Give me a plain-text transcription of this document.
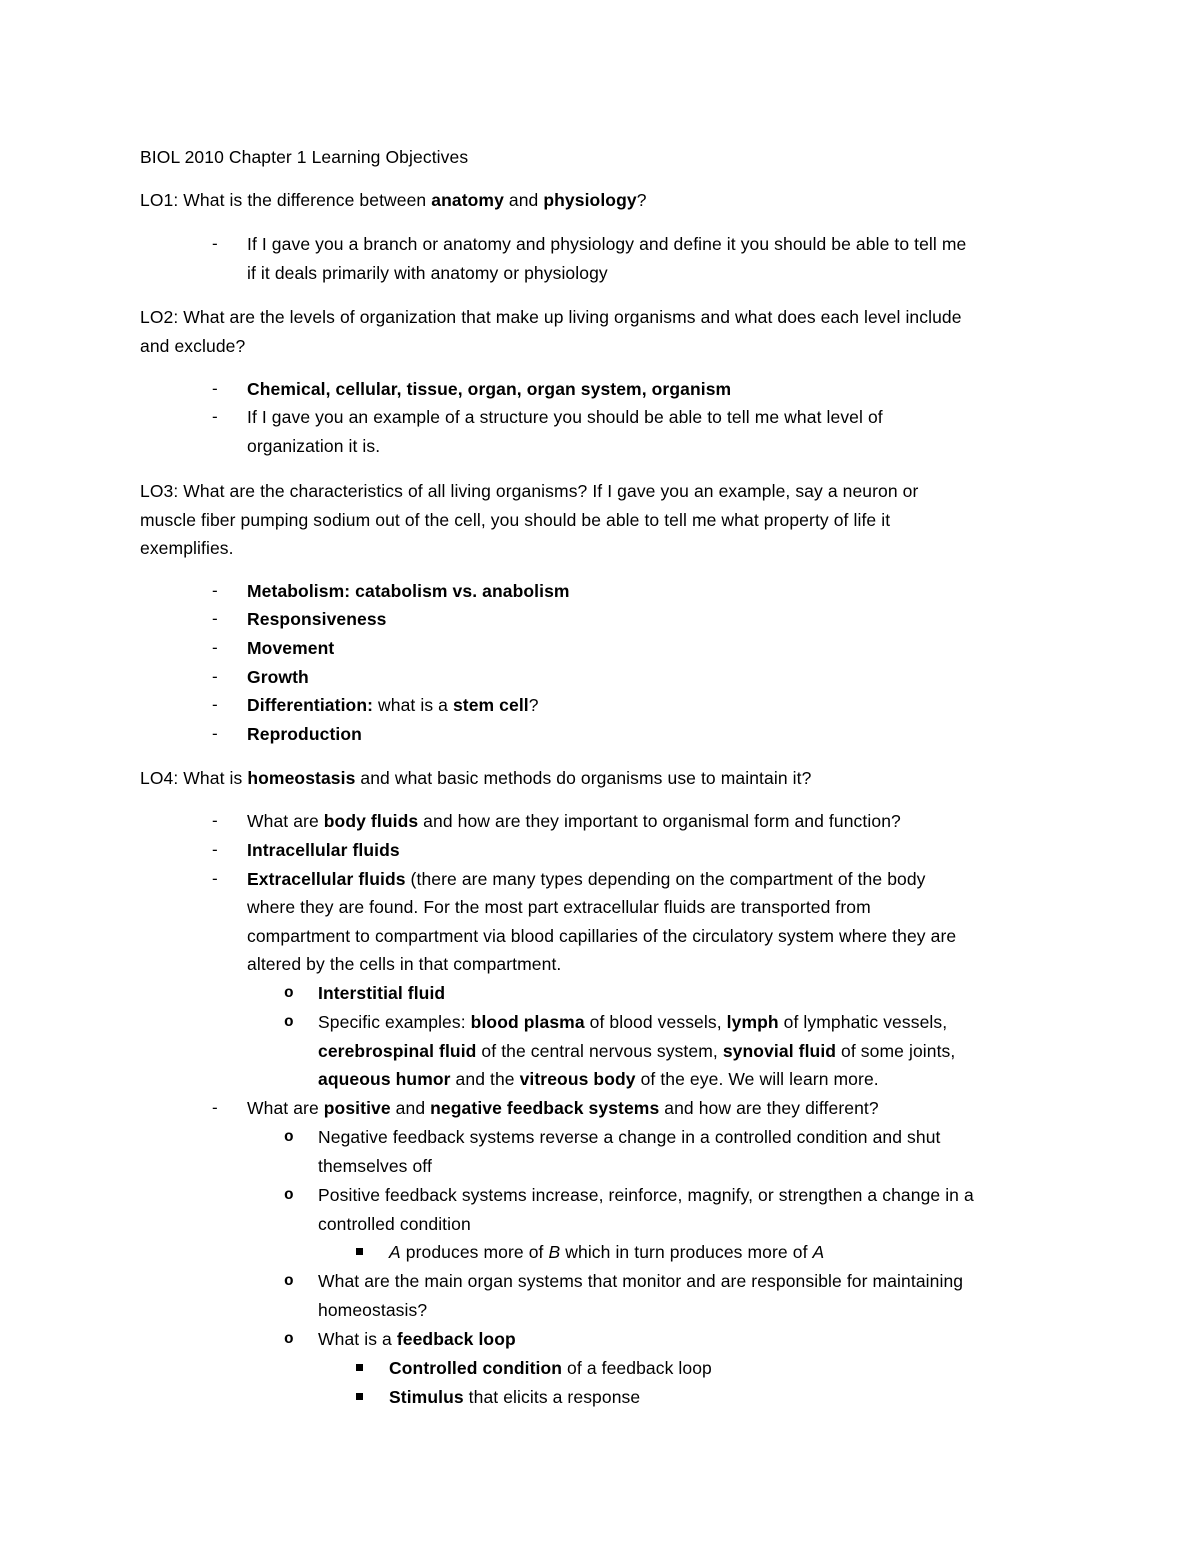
BIOL 2010 Chapter 1 Learning Objectives
LO1: What is the difference between anatomy and physiology?
- If I gave you a branch or anatomy and physiology and define it you should be able to tell me
if it deals primarily with anatomy or physiology
LO2: What are the levels of organization that make up living organisms and what does each level include
and exclude?
- Chemical, cellular, tissue, organ, organ system, organism
- If I gave you an example of a structure you should be able to tell me what level of
organization it is.
LO3: What are the characteristics of all living organisms? If I gave you an example, say a neuron or
muscle fiber pumping sodium out of the cell, you should be able to tell me what property of life it
exemplifies.
- Metabolism: catabolism vs. anabolism
- Responsiveness
- Movement
- Growth
- Differentiation: what is a stem cell?
- Reproduction
LO4: What is homeostasis and what basic methods do organisms use to maintain it?
- What are body fluids and how are they important to organismal form and function?
- Intracellular fluids
- Extracellular fluids (there are many types depending on the compartment of the body
where they are found. For the most part extracellular fluids are transported from
compartment to compartment via blood capillaries of the circulatory system where they are
altered by the cells in that compartment.
o Interstitial fluid
o Specific examples: blood plasma of blood vessels, lymph of lymphatic vessels,
cerebrospinal fluid of the central nervous system, synovial fluid of some joints,
aqueous humor and the vitreous body of the eye. We will learn more.
- What are positive and negative feedback systems and how are they different?
o Negative feedback systems reverse a change in a controlled condition and shut
themselves off
o Positive feedback systems increase, reinforce, magnify, or strengthen a change in a
controlled condition
A produces more of B which in turn produces more of A
o What are the main organ systems that monitor and are responsible for maintaining
homeostasis?
o What is a feedback loop
Controlled condition of a feedback loop
Stimulus that elicits a response
